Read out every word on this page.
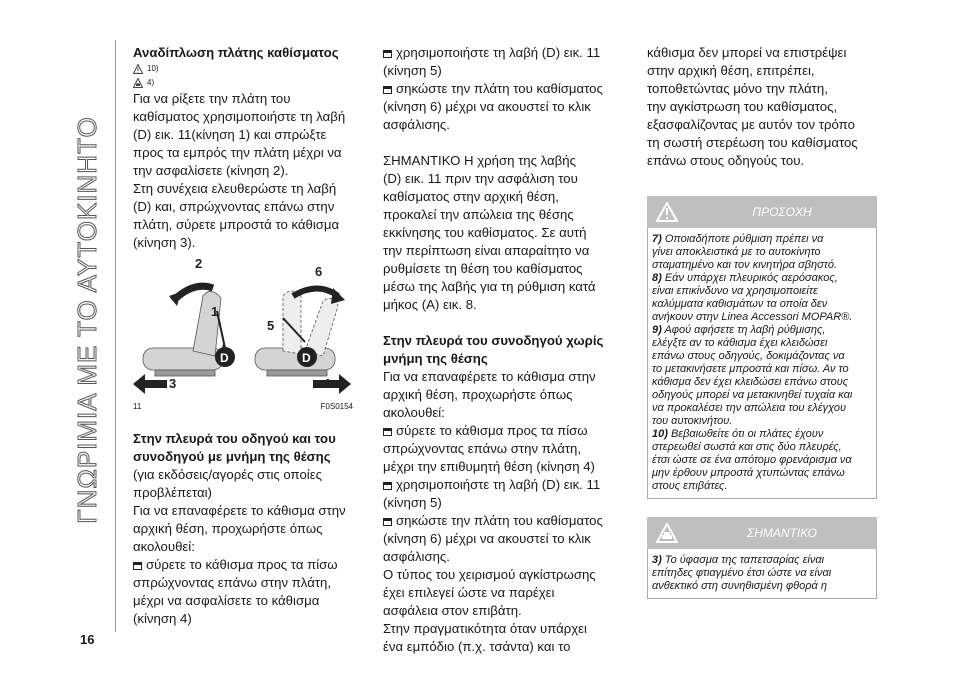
ΓΝΩΡΙΜΙΑ ΜΕ ΤΟ ΑΥΤΟΚΙΝΗΤΟ
16
Αναδίπλωση πλάτης καθίσματος
10)
4)

Για να ρίξετε την πλάτη του

καθίσματος χρησιμοποιήστε τη λαβή

(D) εικ. 11(κίνηση 1) και σπρώξτε

προς τα εμπρός την πλάτη μέχρι να

την ασφαλίσετε (κίνηση 2).

Στη συνέχεια ελευθερώστε τη λαβή

(D) και, σπρώχνοντας επάνω στην

πλάτη, σύρετε μπροστά το κάθισμα

(κίνηση 3).

2
1
3
6
5
4
D	D
11	F0S0154
Στην πλευρά του οδηγού και του
συνοδηγού με μνήμη της θέσης

(για εκδόσεις/αγορές στις οποίες

προβλέπεται)

Για να επαναφέρετε το κάθισμα στην

αρχική θέση, προχωρήστε όπως

ακολουθεί:

σύρετε το κάθισμα προς τα πίσω

σπρώχνοντας επάνω στην πλάτη,

μέχρι να ασφαλίσετε το κάθισμα

(κίνηση 4)

χρησιμοποιήστε τη λαβή (D) εικ. 11

(κίνηση 5)

σηκώστε την πλάτη του καθίσματος

(κίνηση 6) μέχρι να ακουστεί το κλικ

ασφάλισης.

ΣΗΜΑΝΤΙΚΟ Η χρήση της λαβής

(D) εικ. 11 πριν την ασφάλιση του

καθίσματος στην αρχική θέση,

προκαλεί την απώλεια της θέσης

εκκίνησης του καθίσματος. Σε αυτή

την περίπτωση είναι απαραίτητο να

ρυθμίσετε τη θέση του καθίσματος

μέσω της λαβής για τη ρύθμιση κατά

μήκος (A) εικ. 8.

Στην πλευρά του συνοδηγού χωρίς
μνήμη της θέσης

Για να επαναφέρετε το κάθισμα στην

αρχική θέση, προχωρήστε όπως

ακολουθεί:

σύρετε το κάθισμα προς τα πίσω

σπρώχνοντας επάνω στην πλάτη,

μέχρι την επιθυμητή θέση (κίνηση 4)

χρησιμοποιήστε τη λαβή (D) εικ. 11

(κίνηση 5)

σηκώστε την πλάτη του καθίσματος

(κίνηση 6) μέχρι να ακουστεί το κλικ

ασφάλισης.

Ο τύπος του χειρισμού αγκίστρωσης

έχει επιλεγεί ώστε να παρέχει

ασφάλεια στον επιβάτη.

Στην πραγματικότητα όταν υπάρχει

ένα εμπόδιο (π.χ. τσάντα) και το

κάθισμα δεν μπορεί να επιστρέψει

στην αρχική θέση, επιτρέπει,

τοποθετώντας μόνο την πλάτη,

την αγκίστρωση του καθίσματος,

εξασφαλίζοντας με αυτόν τον τρόπο

τη σωστή στερέωση του καθίσματος

επάνω στους οδηγούς του.

ΠΡΟΣΟΧΗ

7) Οποιαδήποτε ρύθμιση πρέπει να

γίνει αποκλειστικά με το αυτοκίνητο

σταματημένο και τον κινητήρα σβηστό.

8) Εάν υπάρχει πλευρικός αερόσακος,

είναι επικίνδυνο να χρησιμοποιείτε

καλύμματα καθισμάτων τα οποία δεν

ανήκουν στην Linea Accessori MOPAR®.

9) Αφού αφήσετε τη λαβή ρύθμισης,

ελέγξτε αν το κάθισμα έχει κλειδώσει

επάνω στους οδηγούς, δοκιμάζοντας να

το μετακινήσετε μπροστά και πίσω. Αν το

κάθισμα δεν έχει κλειδώσει επάνω στους

οδηγούς μπορεί να μετακινηθεί τυχαία και

να προκαλέσει την απώλεια του ελέγχου

του αυτοκινήτου.

10) Βεβαιωθείτε ότι οι πλάτες έχουν

στερεωθεί σωστά και στις δύο πλευρές,

έτσι ώστε σε ένα απότομο φρενάρισμα να

μην έρθουν μπροστά χτυπώντας επάνω

στους επιβάτες.

ΣΗΜΑΝΤΙΚΟ

3) Το ύφασμα της ταπετσαρίας είναι

επίτηδες φτιαγμένο έτσι ώστε να είναι

ανθεκτικό στη συνηθισμένη φθορά η
